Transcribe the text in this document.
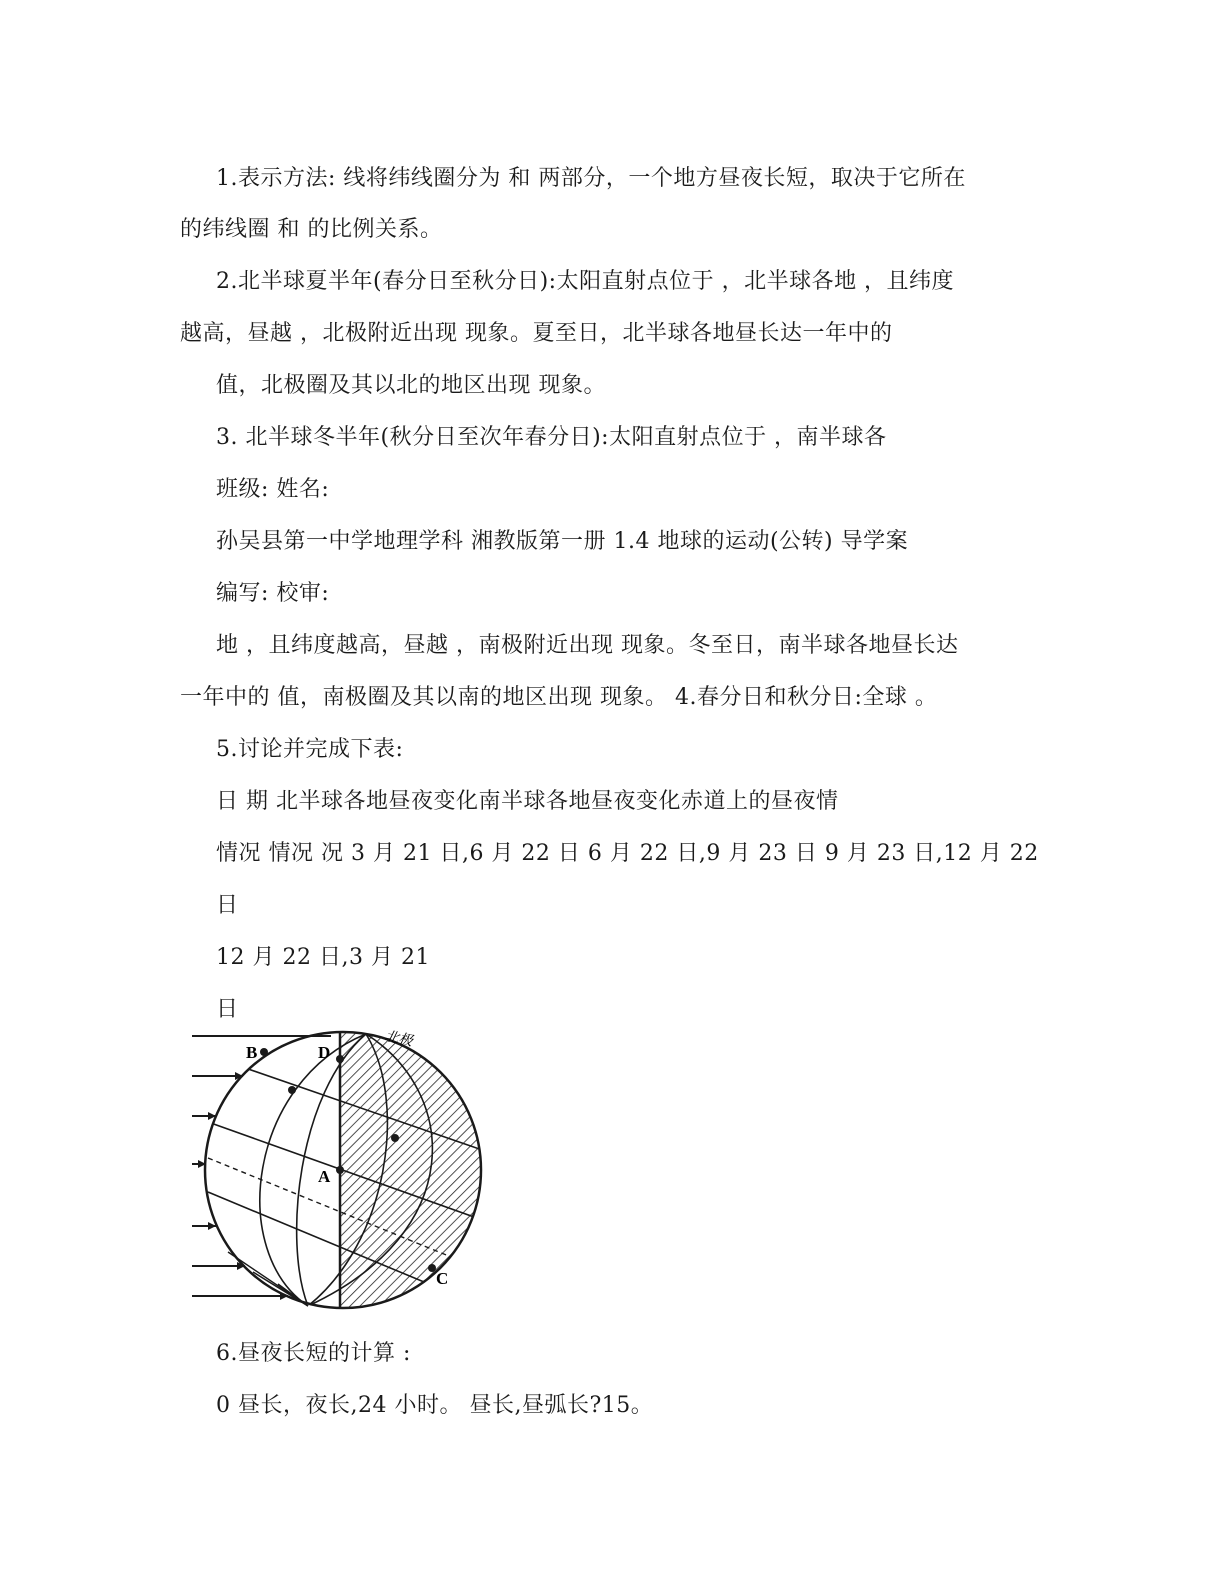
1.表示方法: 线将纬线圈分为 和 两部分，一个地方昼夜长短，取决于它所在
的纬线圈 和 的比例关系。
2.北半球夏半年(春分日至秋分日):太阳直射点位于 ，北半球各地 ，且纬度
越高，昼越 ，北极附近出现 现象。夏至日，北半球各地昼长达一年中的
值，北极圈及其以北的地区出现 现象。
3. 北半球冬半年(秋分日至次年春分日):太阳直射点位于 ，南半球各
班级: 姓名:
孙吴县第一中学地理学科 湘教版第一册 1.4 地球的运动(公转) 导学案
编写: 校审:
地 ，且纬度越高，昼越 ，南极附近出现 现象。冬至日，南半球各地昼长达
一年中的 值，南极圈及其以南的地区出现 现象。 4.春分日和秋分日:全球 。
5.讨论并完成下表:
日 期 北半球各地昼夜变化南半球各地昼夜变化赤道上的昼夜情
情况 情况 况 3 月 21 日,6 月 22 日 6 月 22 日,9 月 23 日 9 月 23 日,12 月 22
日
12 月 22 日,3 月 21
日
B	D
A
C
北极
6.昼夜长短的计算 :
0 昼长，夜长,24 小时。 昼长,昼弧长?15。
